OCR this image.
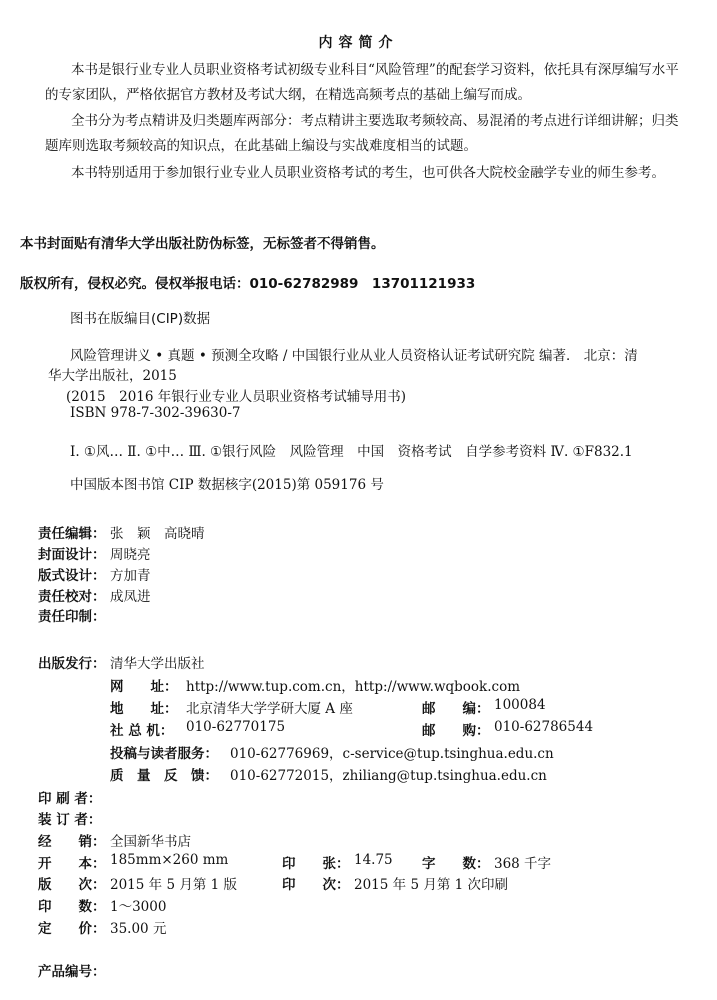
内容简介
本书是银行业专业人员职业资格考试初级专业科目“风险管理”的配套学习资料，依托具有深厚编写水平的专家团队，严格依据官方教材及考试大纲，在精选高频考点的基础上编写而成。
全书分为考点精讲及归类题库两部分：考点精讲主要选取考频较高、易混淆的考点进行详细讲解；归类题库则选取考频较高的知识点，在此基础上编设与实战难度相当的试题。
本书特别适用于参加银行业专业人员职业资格考试的考生，也可供各大院校金融学专业的师生参考。
本书封面贴有清华大学出版社防伪标签，无标签者不得销售。
版权所有，侵权必究。侵权举报电话：010-62782989　13701121933
图书在版编目(CIP)数据
风险管理讲义 • 真题 • 预测全攻略 / 中国银行业从业人员资格认证考试研究院 编著． 北京：清
华大学出版社，2015
(2015　2016 年银行业专业人员职业资格考试辅导用书)
ISBN 978-7-302-39630-7
Ⅰ. ①风… Ⅱ. ①中… Ⅲ. ①银行风险　风险管理　中国　资格考试　自学参考资料 Ⅳ. ①F832.1
中国版本图书馆 CIP 数据核字(2015)第 059176 号
责任编辑： 张　颖　高晓晴
封面设计： 周晓亮
版式设计： 方加青
责任校对： 成凤进
责任印制：
出版发行： 清华大学出版社
网　　址： http://www.tup.com.cn，http://www.wqbook.com
地　　址： 北京清华大学学研大厦 A 座	邮　　编： 100084
社 总 机： 010-62770175	邮　　购： 010-62786544
投稿与读者服务： 010-62776969，c-service@tup.tsinghua.edu.cn
质　量　反　馈： 010-62772015，zhiliang@tup.tsinghua.edu.cn
印 刷 者：
装 订 者：
经　　销： 全国新华书店
开　　本： 185mm×260 mm	印　　张： 14.75 字　　数： 368 千字
版　　次： 2015 年 5 月第 1 版	印　　次： 2015 年 5 月第 1 次印刷
印　　数： 1～3000
定　　价： 35.00 元
产品编号：
